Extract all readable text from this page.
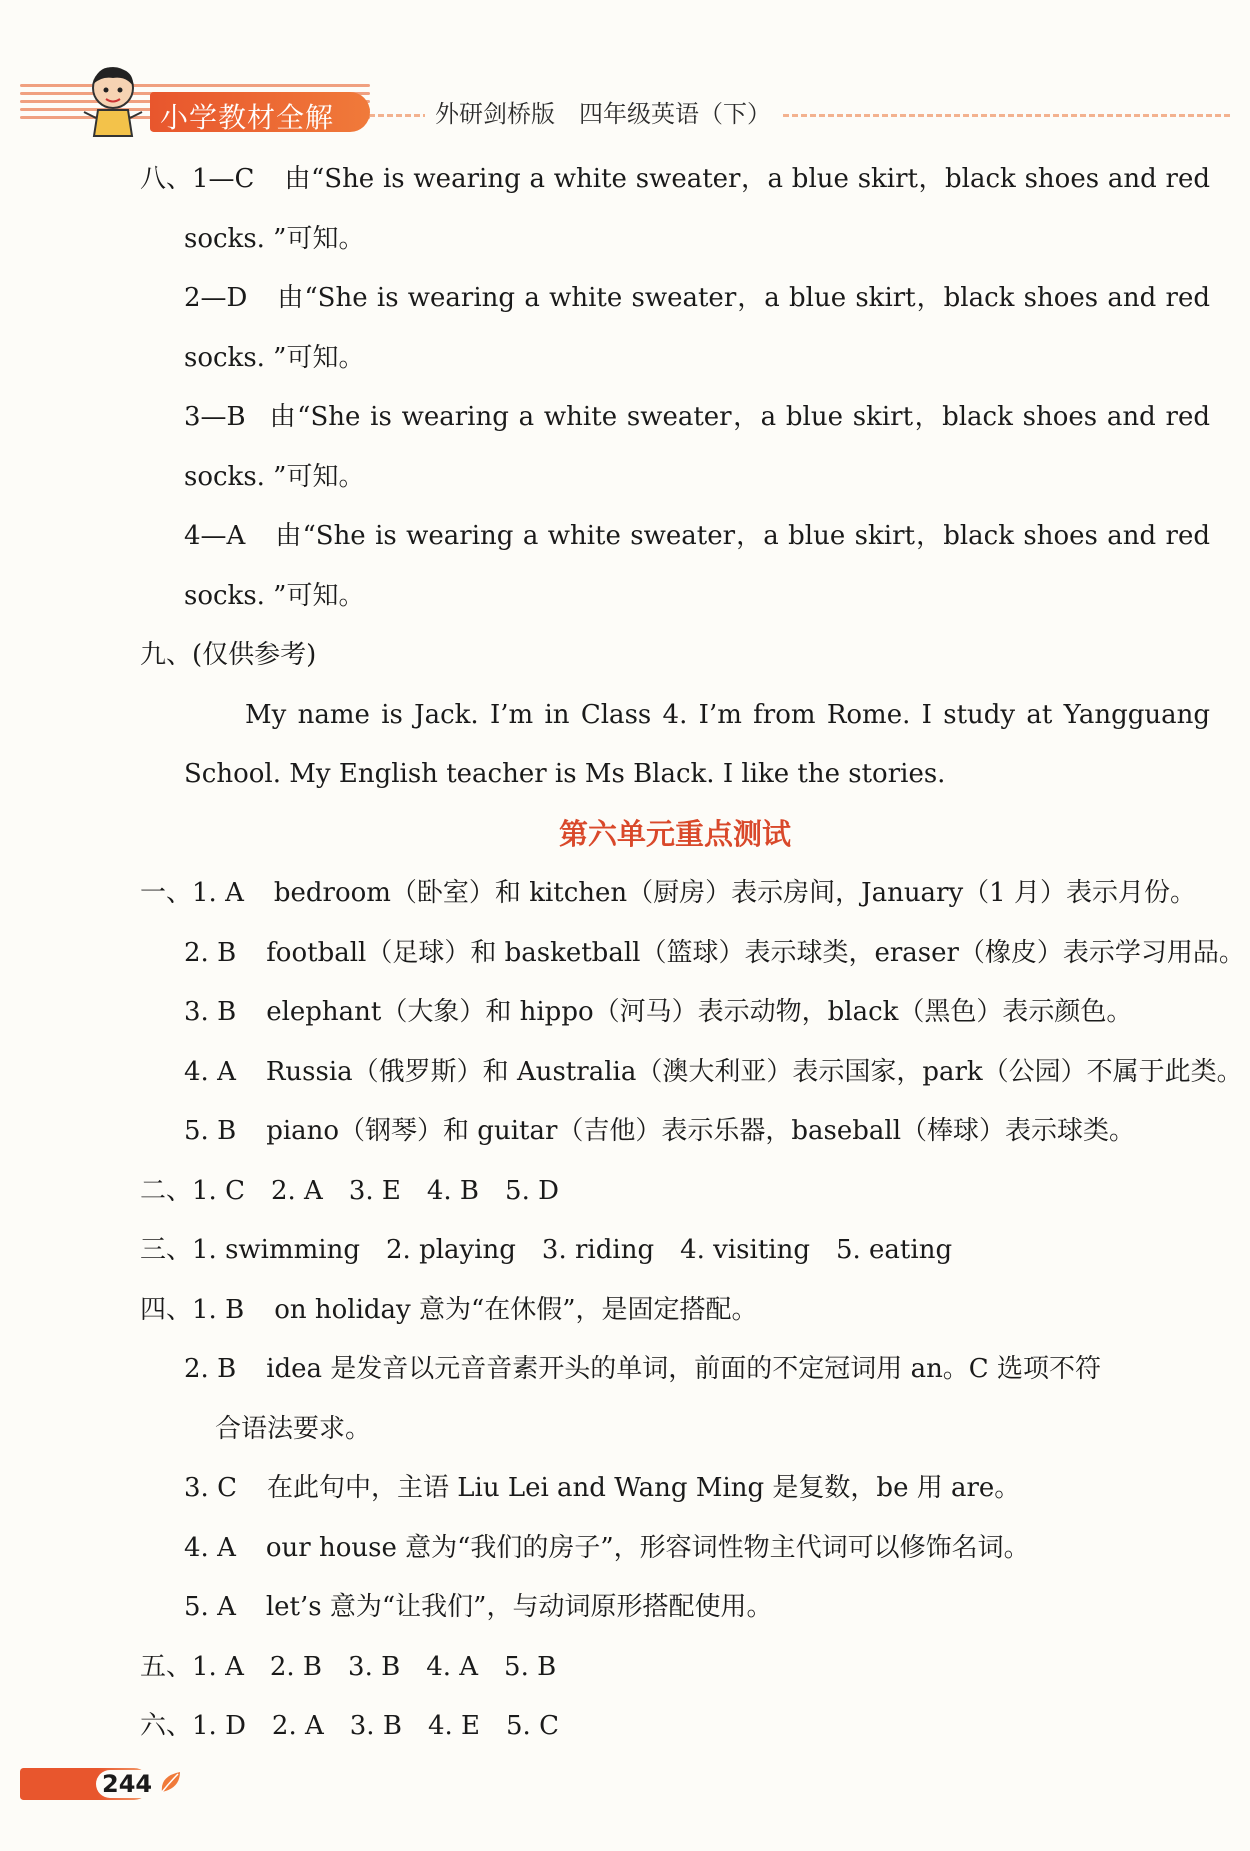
小学教材全解	外研剑桥版　四年级英语（下）
八、1—C 由“She is wearing a white sweater，a blue skirt，black shoes and red
socks. ”可知。
2—D 由“She is wearing a white sweater，a blue skirt，black shoes and red
socks. ”可知。
3—B 由“She is wearing a white sweater，a blue skirt，black shoes and red
socks. ”可知。
4—A 由“She is wearing a white sweater，a blue skirt，black shoes and red
socks. ”可知。
九、(仅供参考)
My name is Jack. I’m in Class 4. I’m from Rome. I study at Yangguang
School. My English teacher is Ms Black. I like the stories.
第六单元重点测试
一、1. A bedroom（卧室）和 kitchen（厨房）表示房间，January（1 月）表示月份。
2. B football（足球）和 basketball（篮球）表示球类，eraser（橡皮）表示学习用品。
3. B elephant（大象）和 hippo（河马）表示动物，black（黑色）表示颜色。
4. A Russia（俄罗斯）和 Australia（澳大利亚）表示国家，park（公园）不属于此类。
5. B piano（钢琴）和 guitar（吉他）表示乐器，baseball（棒球）表示球类。
二、1. C　2. A　3. E　4. B　5. D
三、1. swimming　2. playing　3. riding　4. visiting　5. eating
四、1. B on holiday 意为“在休假”，是固定搭配。
2. B idea 是发音以元音音素开头的单词，前面的不定冠词用 an。C 选项不符
合语法要求。
3. C 在此句中，主语 Liu Lei and Wang Ming 是复数，be 用 are。
4. A our house 意为“我们的房子”，形容词性物主代词可以修饰名词。
5. A let’s 意为“让我们”，与动词原形搭配使用。
五、1. A　2. B　3. B　4. A　5. B
六、1. D　2. A　3. B　4. E　5. C
244
